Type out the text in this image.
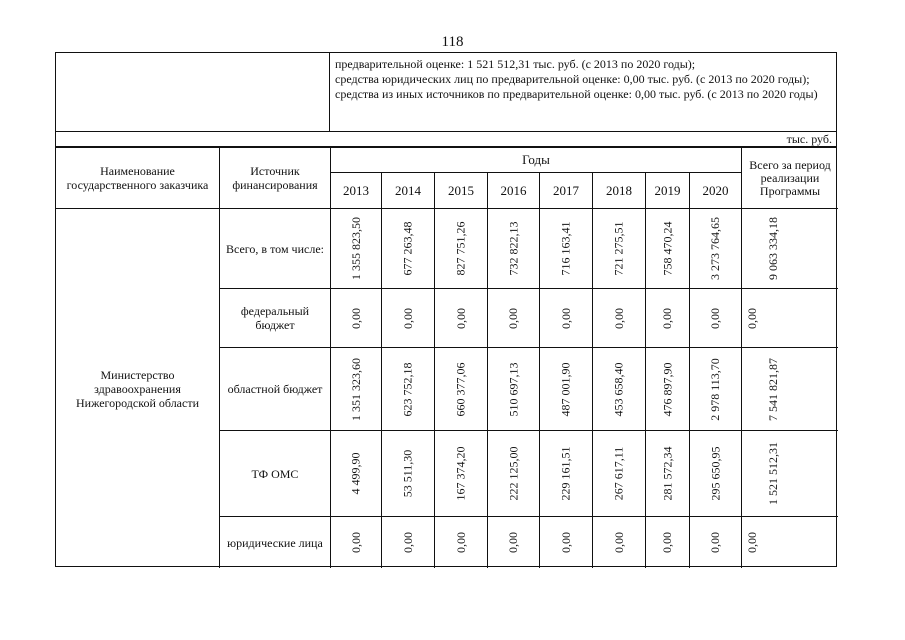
118
предварительной оценке: 1 521 512,31 тыс. руб. (с 2013 по 2020 годы);
средства юридических лиц по предварительной оценке: 0,00 тыс. руб. (с 2013 по 2020 годы);
средства из иных источников по предварительной оценке: 0,00 тыс. руб. (с 2013 по 2020 годы)
тыс. руб.
Наименование государственного заказчика
Источник финансирования
Годы	Всего за период реализации Программы
Министерство здравоохранения Нижегородской области
2013	2014	2015	2016	2017	2018	2019	2020
Всего, в том числе:	1 355 823,50	677 263,48	827 751,26	732 822,13	716 163,41	721 275,51	758 470,24	3 273 764,65	9 063 334,18
федеральный бюджет	0,00	0,00	0,00	0,00	0,00	0,00	0,00	0,00 0,00
областной бюджет	1 351 323,60	623 752,18	660 377,06	510 697,13	487 001,90	453 658,40	476 897,90	2 978 113,70	7 541 821,87
ТФ ОМС	4 499,90	53 511,30	167 374,20	222 125,00	229 161,51	267 617,11	281 572,34	295 650,95	1 521 512,31
юридические лица	0,00	0,00	0,00	0,00	0,00	0,00	0,00	0,00 0,00
